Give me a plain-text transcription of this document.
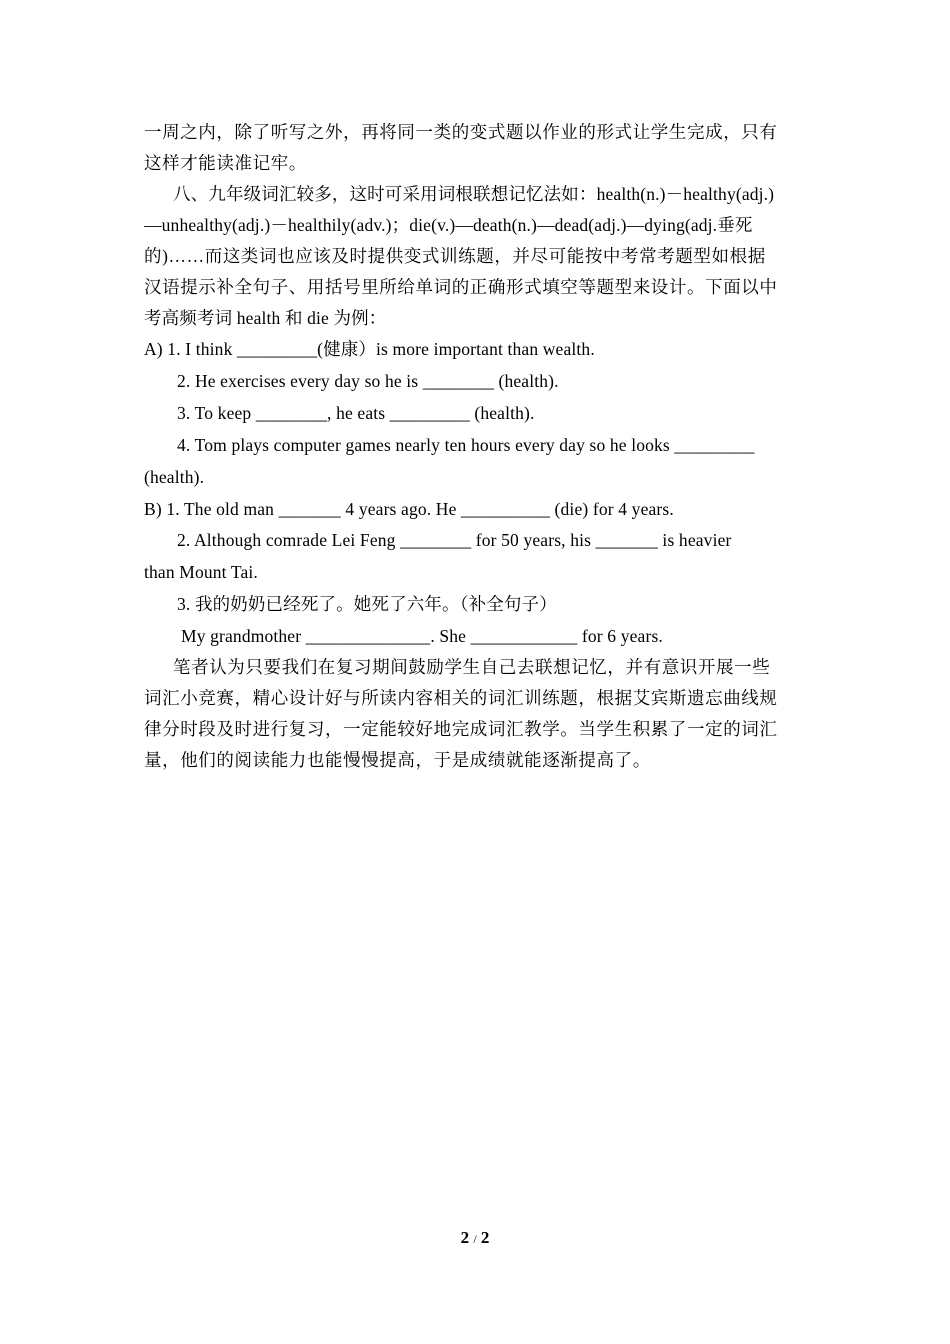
一周之内，除了听写之外，再将同一类的变式题以作业的形式让学生完成，只有
这样才能读准记牢。
八、九年级词汇较多，这时可采用词根联想记忆法如：health(n.)－healthy(adj.)
—unhealthy(adj.)－healthily(adv.)；die(v.)—death(n.)—dead(adj.)—dying(adj.垂死
的)……而这类词也应该及时提供变式训练题，并尽可能按中考常考题型如根据
汉语提示补全句子、用括号里所给单词的正确形式填空等题型来设计。下面以中
考高频考词 health 和 die 为例：
A) 1. I think _________(健康）is more important than wealth.
2. He exercises every day so he is ________ (health).
3. To keep ________, he eats _________ (health).
4. Tom plays computer games nearly ten hours every day so he looks _________
(health).
B) 1. The old man _______ 4 years ago. He __________ (die) for 4 years.
2. Although comrade Lei Feng ________ for 50 years, his _______ is heavier
than Mount Tai.
3. 我的奶奶已经死了。她死了六年。（补全句子）
My grandmother ______________. She ____________ for 6 years.
笔者认为只要我们在复习期间鼓励学生自己去联想记忆，并有意识开展一些
词汇小竞赛，精心设计好与所读内容相关的词汇训练题，根据艾宾斯遗忘曲线规
律分时段及时进行复习，一定能较好地完成词汇教学。当学生积累了一定的词汇
量，他们的阅读能力也能慢慢提高，于是成绩就能逐渐提高了。
2 / 2
